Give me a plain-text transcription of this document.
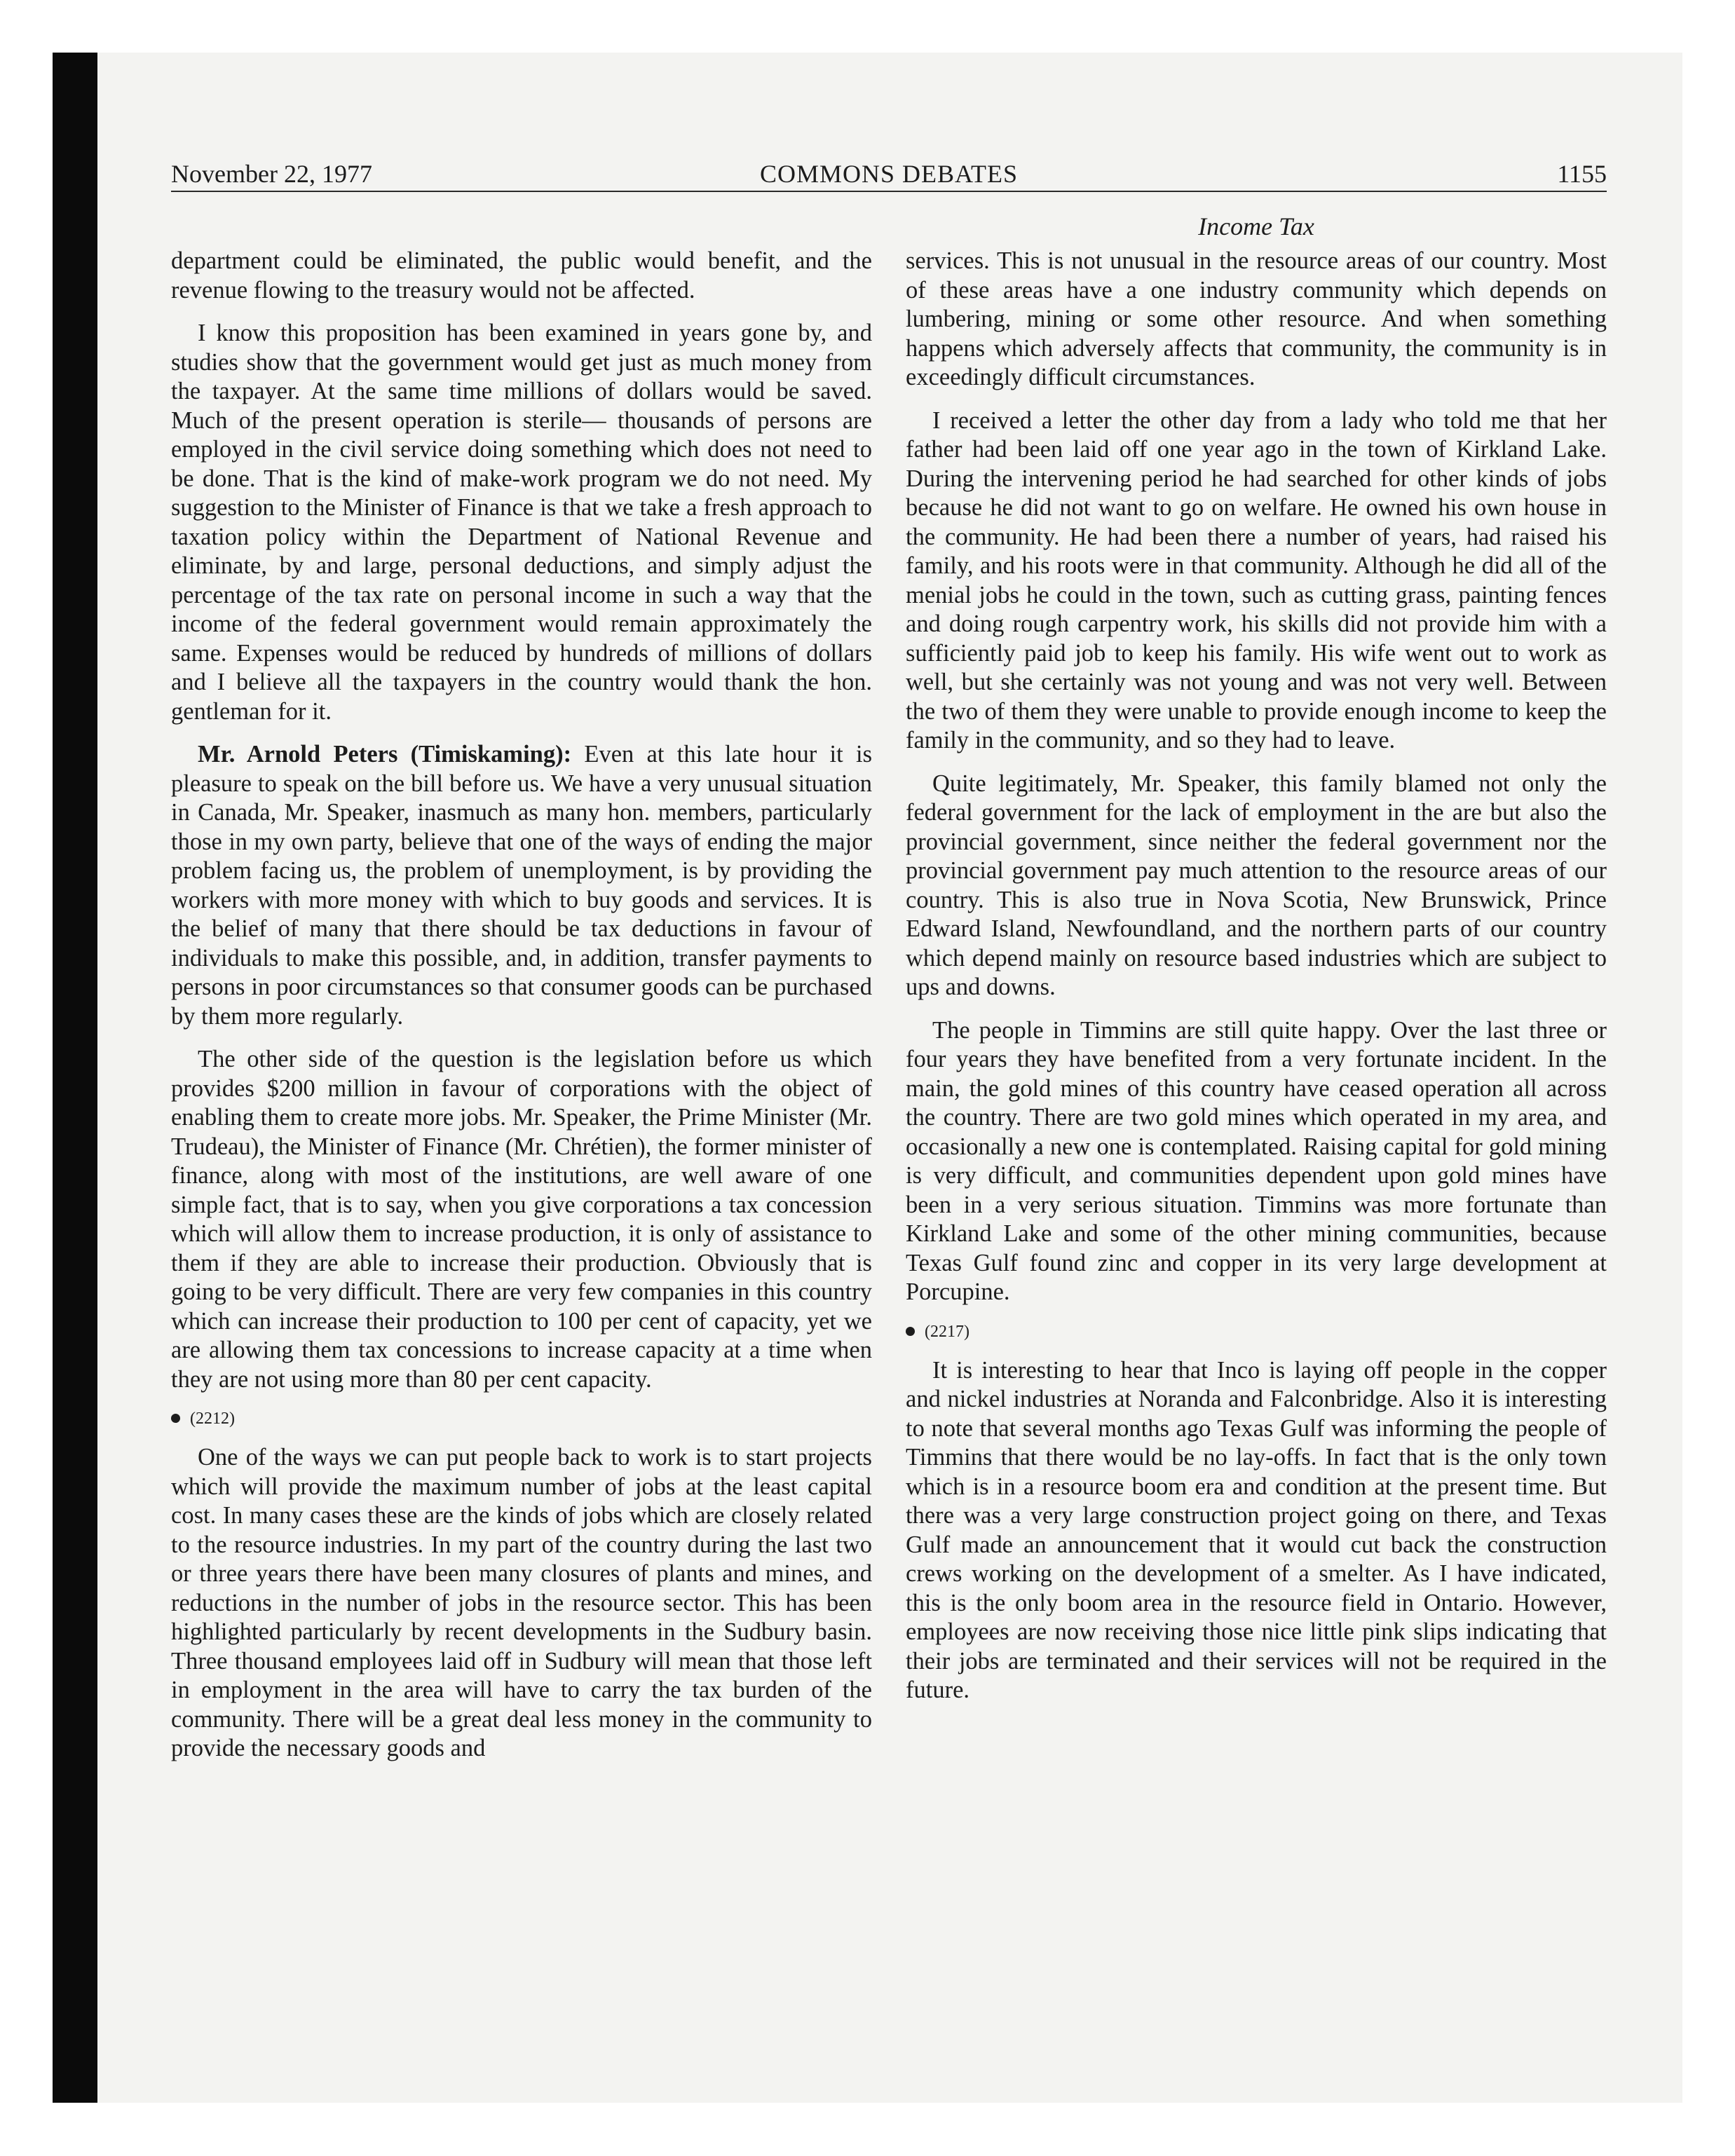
November 22, 1977	COMMONS DEBATES	1155
Income Tax

department could be eliminated, the public would benefit, and the revenue flowing to the treasury would not be affected.

I know this proposition has been examined in years gone by, and studies show that the government would get just as much money from the taxpayer. At the same time millions of dollars would be saved. Much of the present operation is sterile— thousands of persons are employed in the civil service doing something which does not need to be done. That is the kind of make-work program we do not need. My suggestion to the Minister of Finance is that we take a fresh approach to taxation policy within the Department of National Revenue and eliminate, by and large, personal deductions, and simply adjust the percentage of the tax rate on personal income in such a way that the income of the federal government would remain approximately the same. Expenses would be reduced by hundreds of millions of dollars and I believe all the taxpayers in the country would thank the hon. gentleman for it.

Mr. Arnold Peters (Timiskaming): Even at this late hour it is pleasure to speak on the bill before us. We have a very unusual situation in Canada, Mr. Speaker, inasmuch as many hon. members, particularly those in my own party, believe that one of the ways of ending the major problem facing us, the problem of unemployment, is by providing the workers with more money with which to buy goods and services. It is the belief of many that there should be tax deductions in favour of individuals to make this possible, and, in addition, transfer payments to persons in poor circumstances so that consumer goods can be purchased by them more regularly.

The other side of the question is the legislation before us which provides $200 million in favour of corporations with the object of enabling them to create more jobs. Mr. Speaker, the Prime Minister (Mr. Trudeau), the Minister of Finance (Mr. Chrétien), the former minister of finance, along with most of the institutions, are well aware of one simple fact, that is to say, when you give corporations a tax concession which will allow them to increase production, it is only of assistance to them if they are able to increase their production. Obviously that is going to be very difficult. There are very few companies in this country which can increase their production to 100 per cent of capacity, yet we are allowing them tax concessions to increase capacity at a time when they are not using more than 80 per cent capacity.

(2212)

One of the ways we can put people back to work is to start projects which will provide the maximum number of jobs at the least capital cost. In many cases these are the kinds of jobs which are closely related to the resource industries. In my part of the country during the last two or three years there have been many closures of plants and mines, and reductions in the number of jobs in the resource sector. This has been highlighted particularly by recent developments in the Sudbury basin. Three thousand employees laid off in Sudbury will mean that those left in employment in the area will have to carry the tax burden of the community. There will be a great deal less money in the community to provide the necessary goods and

services. This is not unusual in the resource areas of our country. Most of these areas have a one industry community which depends on lumbering, mining or some other resource. And when something happens which adversely affects that community, the community is in exceedingly difficult circumstances.

I received a letter the other day from a lady who told me that her father had been laid off one year ago in the town of Kirkland Lake. During the intervening period he had searched for other kinds of jobs because he did not want to go on welfare. He owned his own house in the community. He had been there a number of years, had raised his family, and his roots were in that community. Although he did all of the menial jobs he could in the town, such as cutting grass, painting fences and doing rough carpentry work, his skills did not provide him with a sufficiently paid job to keep his family. His wife went out to work as well, but she certainly was not young and was not very well. Between the two of them they were unable to provide enough income to keep the family in the community, and so they had to leave.

Quite legitimately, Mr. Speaker, this family blamed not only the federal government for the lack of employment in the are but also the provincial government, since neither the federal government nor the provincial government pay much attention to the resource areas of our country. This is also true in Nova Scotia, New Brunswick, Prince Edward Island, Newfoundland, and the northern parts of our country which depend mainly on resource based industries which are subject to ups and downs.

The people in Timmins are still quite happy. Over the last three or four years they have benefited from a very fortunate incident. In the main, the gold mines of this country have ceased operation all across the country. There are two gold mines which operated in my area, and occasionally a new one is contemplated. Raising capital for gold mining is very difficult, and communities dependent upon gold mines have been in a very serious situation. Timmins was more fortunate than Kirkland Lake and some of the other mining communities, because Texas Gulf found zinc and copper in its very large development at Porcupine.

(2217)

It is interesting to hear that Inco is laying off people in the copper and nickel industries at Noranda and Falconbridge. Also it is interesting to note that several months ago Texas Gulf was informing the people of Timmins that there would be no lay-offs. In fact that is the only town which is in a resource boom era and condition at the present time. But there was a very large construction project going on there, and Texas Gulf made an announcement that it would cut back the construction crews working on the development of a smelter. As I have indicated, this is the only boom area in the resource field in Ontario. However, employees are now receiving those nice little pink slips indicating that their jobs are terminated and their services will not be required in the future.
